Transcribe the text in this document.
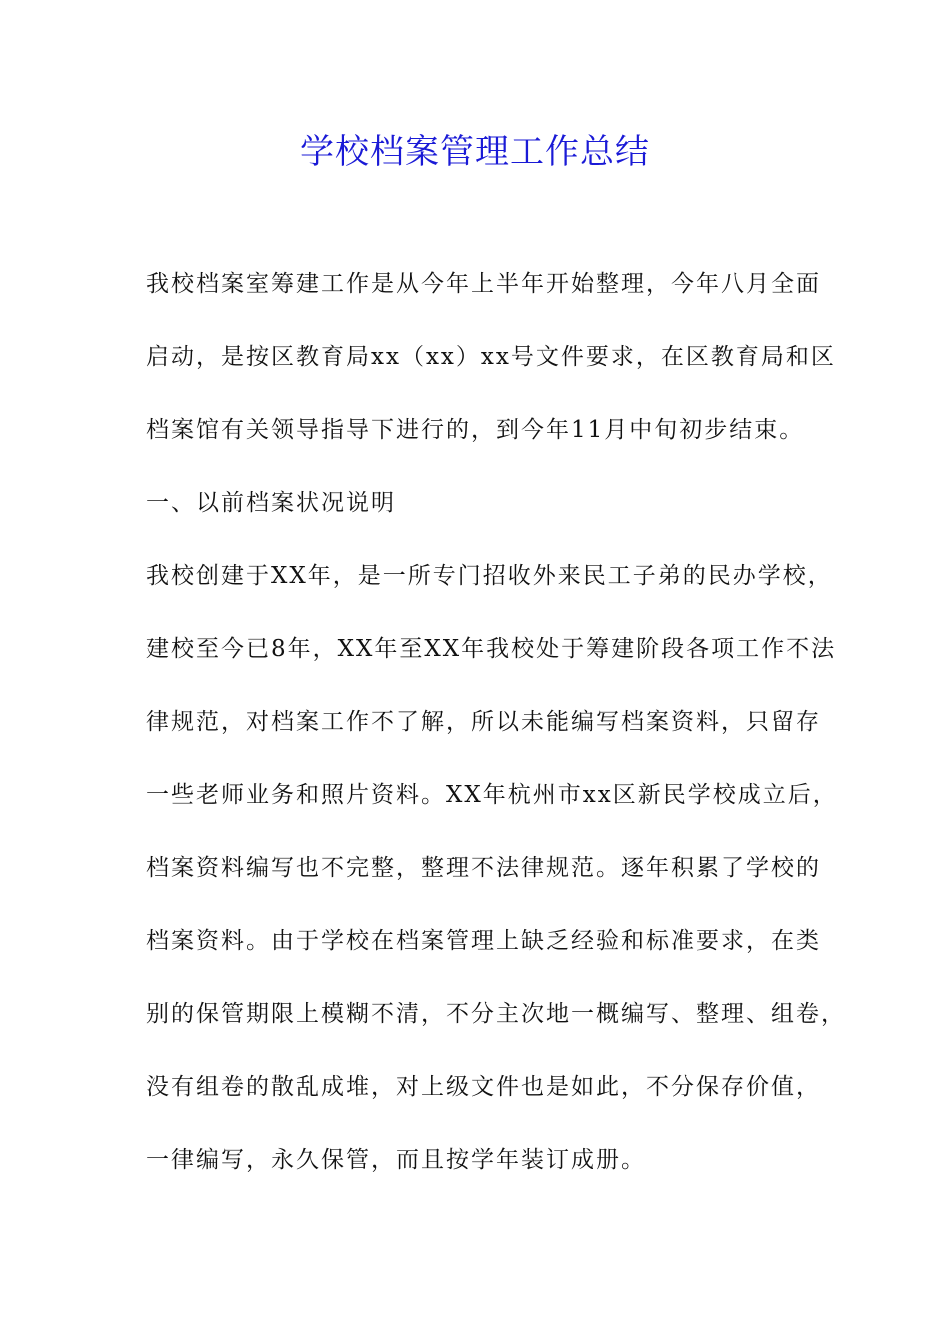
学校档案管理工作总结
我校档案室筹建工作是从今年上半年开始整理，今年八月全面
启动，是按区教育局xx（xx）xx号文件要求，在区教育局和区
档案馆有关领导指导下进行的，到今年11月中旬初步结束。
一、以前档案状况说明
我校创建于XX年，是一所专门招收外来民工子弟的民办学校，
建校至今已8年，XX年至XX年我校处于筹建阶段各项工作不法
律规范，对档案工作不了解，所以未能编写档案资料，只留存
一些老师业务和照片资料。XX年杭州市xx区新民学校成立后，
档案资料编写也不完整，整理不法律规范。逐年积累了学校的
档案资料。由于学校在档案管理上缺乏经验和标准要求，在类
别的保管期限上模糊不清，不分主次地一概编写、整理、组卷，
没有组卷的散乱成堆，对上级文件也是如此，不分保存价值，
一律编写，永久保管，而且按学年装订成册。
